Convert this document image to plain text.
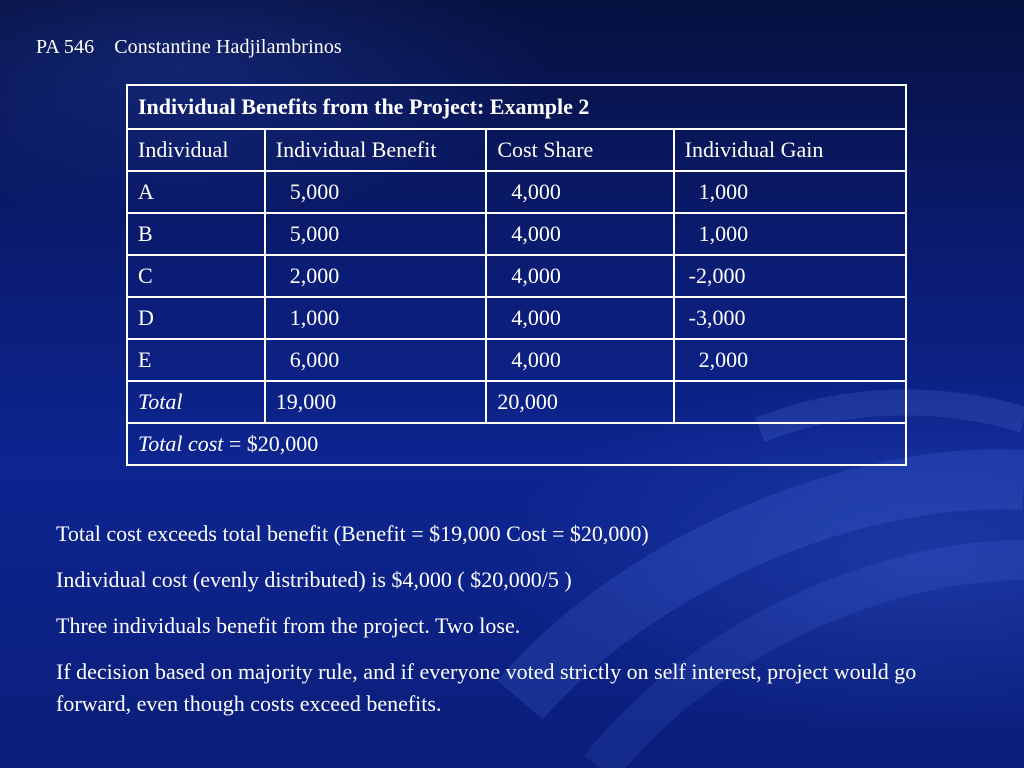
PA 546 Constantine Hadjilambrinos
Individual Benefits from the Project: Example 2			
Individual	Individual Benefit	Cost Share	Individual Gain
A	5,000	4,000	1,000
B	5,000	4,000	1,000
C	2,000	4,000	-2,000
D	1,000	4,000	-3,000
E	6,000	4,000	2,000
Total	19,000	20,000	
Total cost = $20,000			

Total cost exceeds total benefit (Benefit = $19,000 Cost = $20,000)

Individual cost (evenly distributed) is $4,000 ( $20,000/5 )

Three individuals benefit from the project. Two lose.

If decision based on majority rule, and if everyone voted strictly on self interest, project would go forward, even though costs exceed benefits.
